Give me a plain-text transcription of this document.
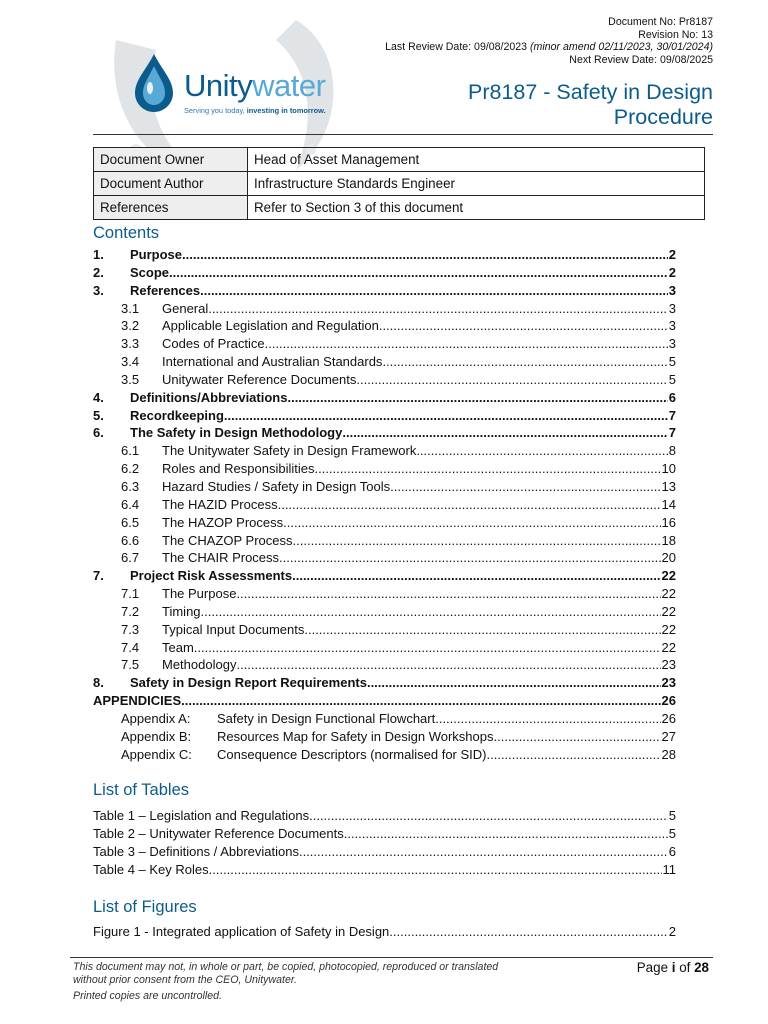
Document No: Pr8187
Revision No: 13
Last Review Date: 09/08/2023 (minor amend 02/11/2023, 30/01/2024)
Next Review Date: 09/08/2025
Unitywater
Serving you today, investing in tomorrow.
Pr8187 - Safety in Design
Procedure
Document Owner	Head of Asset Management
Document Author	Infrastructure Standards Engineer
References	Refer to Section 3 of this document
Contents
1.	Purpose .....	2
2.	Scope .....	2
3.	References .....	3
3.1	General .....	3
3.2	Applicable Legislation and Regulation .....	3
3.3	Codes of Practice .....	3
3.4	International and Australian Standards .....	5
3.5	Unitywater Reference Documents .....	5
4.	Definitions/Abbreviations .....	6
5.	Recordkeeping .....	7
6.	The Safety in Design Methodology .....	7
6.1	The Unitywater Safety in Design Framework .....	8
6.2	Roles and Responsibilities .....	10
6.3	Hazard Studies / Safety in Design Tools .....	13
6.4	The HAZID Process .....	14
6.5	The HAZOP Process .....	16
6.6	The CHAZOP Process .....	18
6.7	The CHAIR Process .....	20
7.	Project Risk Assessments .....	22
7.1	The Purpose .....	22
7.2	Timing .....	22
7.3	Typical Input Documents .....	22
7.4	Team .....	22
7.5	Methodology .....	23
8.	Safety in Design Report Requirements .....	23
APPENDICIES .....	26
Appendix A:	Safety in Design Functional Flowchart .....	26
Appendix B:	Resources Map for Safety in Design Workshops .....	27
Appendix C:	Consequence Descriptors (normalised for SID) .....	28
List of Tables
Table 1 – Legislation and Regulations .....	5
Table 2 – Unitywater Reference Documents .....	5
Table 3 – Definitions / Abbreviations .....	6
Table 4 – Key Roles .....	11
List of Figures
Figure 1 - Integrated application of Safety in Design .....	2
This document may not, in whole or part, be copied, photocopied, reproduced or translated without prior consent from the CEO, Unitywater.
Printed copies are uncontrolled.
Page i of 28
